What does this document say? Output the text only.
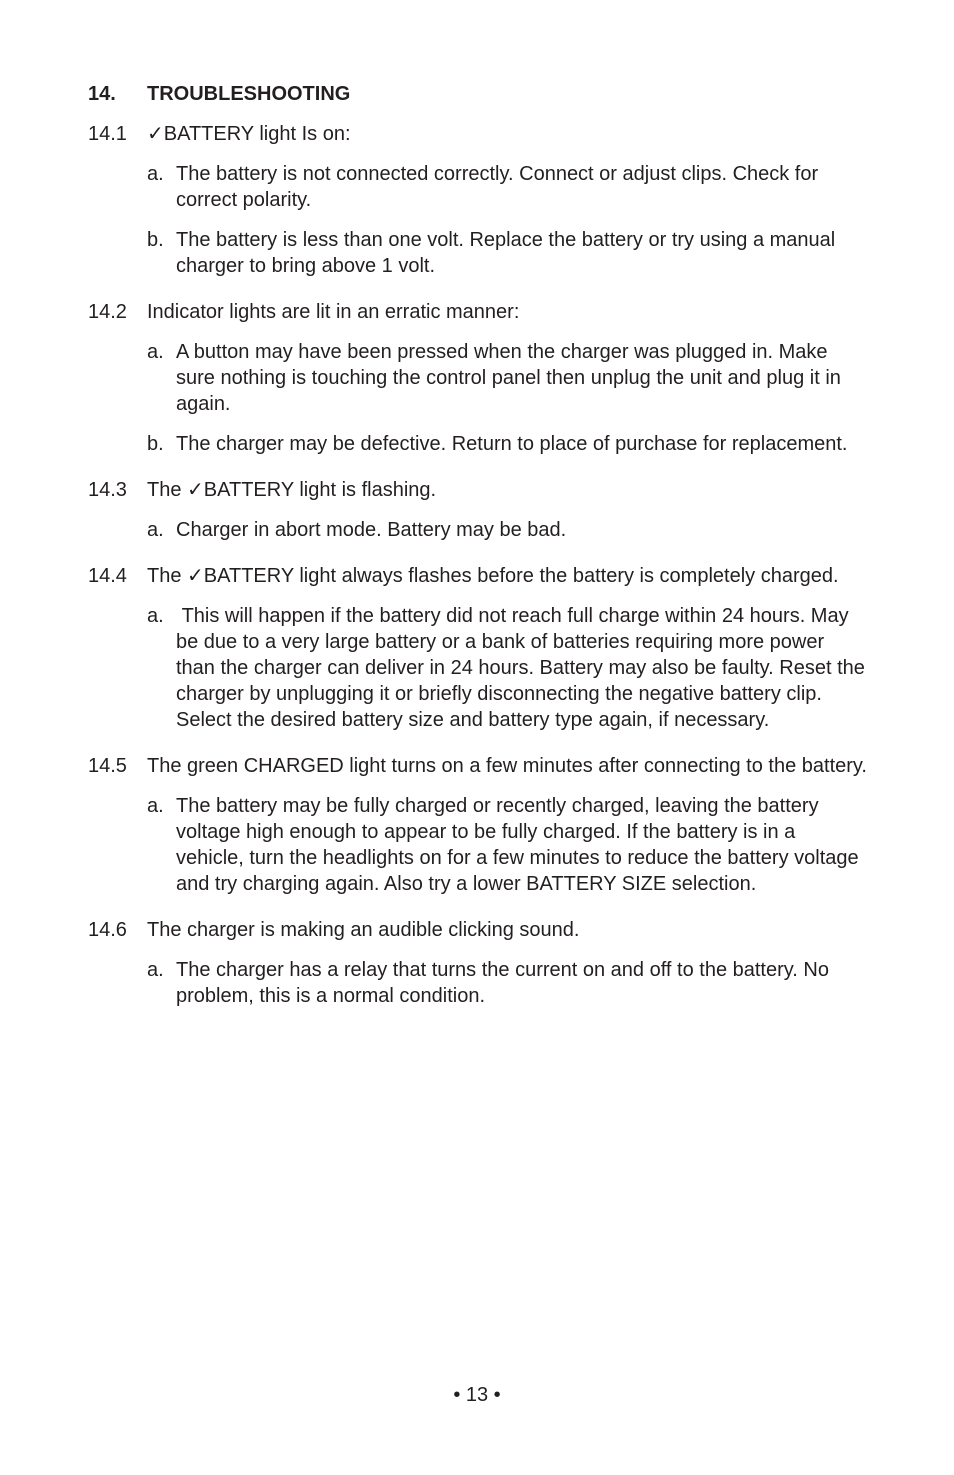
14. TROUBLESHOOTING
14.1	✓BATTERY light Is on:
a. The battery is not connected correctly. Connect or adjust clips. Check for correct polarity.
b. The battery is less than one volt. Replace the battery or try using a manual charger to bring above 1 volt.
14.2	Indicator lights are lit in an erratic manner:
a. A button may have been pressed when the charger was plugged in. Make sure nothing is touching the control panel then unplug the unit and plug it in again.
b. The charger may be defective. Return to place of purchase for replacement.
14.3	The ✓BATTERY light is flashing.
a. Charger in abort mode. Battery may be bad.
14.4	The ✓BATTERY light always flashes before the battery is completely charged.
a. This will happen if the battery did not reach full charge within 24 hours. May be due to a very large battery or a bank of batteries requiring more power than the charger can deliver in 24 hours. Battery may also be faulty. Reset the charger by unplugging it or briefly disconnecting the negative battery clip. Select the desired battery size and battery type again, if necessary.
14.5	The green CHARGED light turns on a few minutes after connecting to the battery.
a. The battery may be fully charged or recently charged, leaving the battery voltage high enough to appear to be fully charged. If the battery is in a vehicle, turn the headlights on for a few minutes to reduce the battery voltage and try charging again. Also try a lower BATTERY SIZE selection.
14.6	The charger is making an audible clicking sound.
a. The charger has a relay that turns the current on and off to the battery. No problem, this is a normal condition.
• 13 •
